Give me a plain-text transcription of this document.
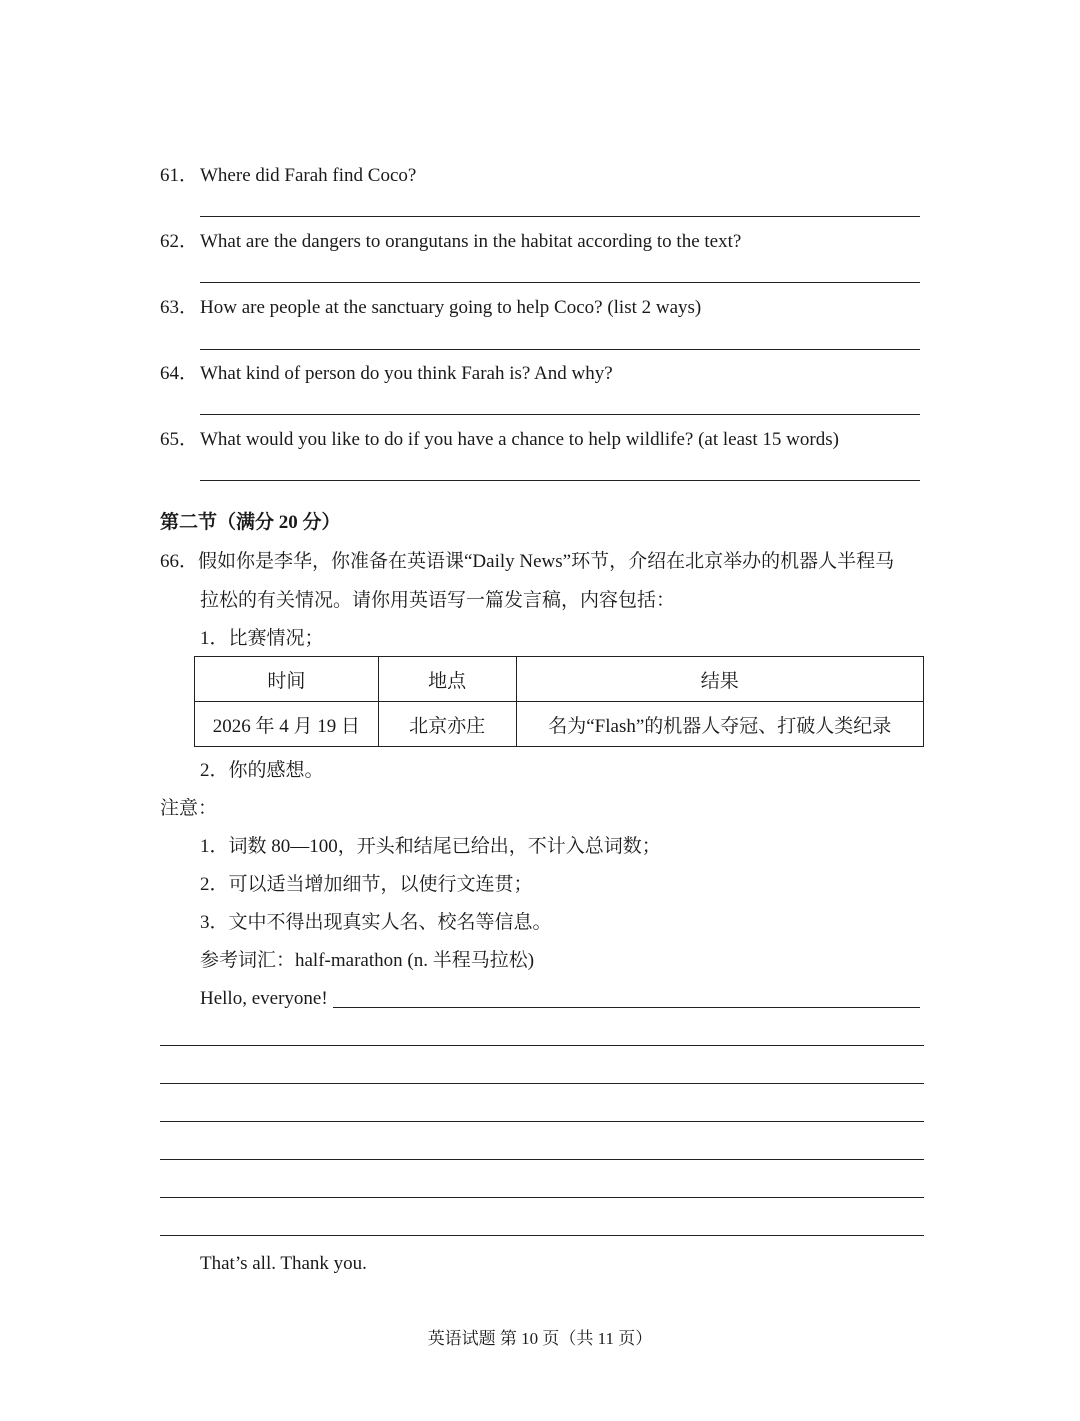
61． Where did Farah find Coco?
62． What are the dangers to orangutans in the habitat according to the text?
63． How are people at the sanctuary going to help Coco? (list 2 ways)
64． What kind of person do you think Farah is? And why?
65． What would you like to do if you have a chance to help wildlife? (at least 15 words)
第二节（满分 20 分）
66．假如你是李华，你准备在英语课“Daily News”环节，介绍在北京举办的机器人半程马
拉松的有关情况。请你用英语写一篇发言稿，内容包括：
1．比赛情况；
时间	地点	结果
2026 年 4 月 19 日	北京亦庄	名为“Flash”的机器人夺冠、打破人类纪录
2．你的感想。
注意：
1．词数 80—100，开头和结尾已给出，不计入总词数；
2．可以适当增加细节，以使行文连贯；
3．文中不得出现真实人名、校名等信息。
参考词汇：half-marathon (n. 半程马拉松)
Hello, everyone!
That’s all. Thank you.
英语试题 第 10 页（共 11 页）
